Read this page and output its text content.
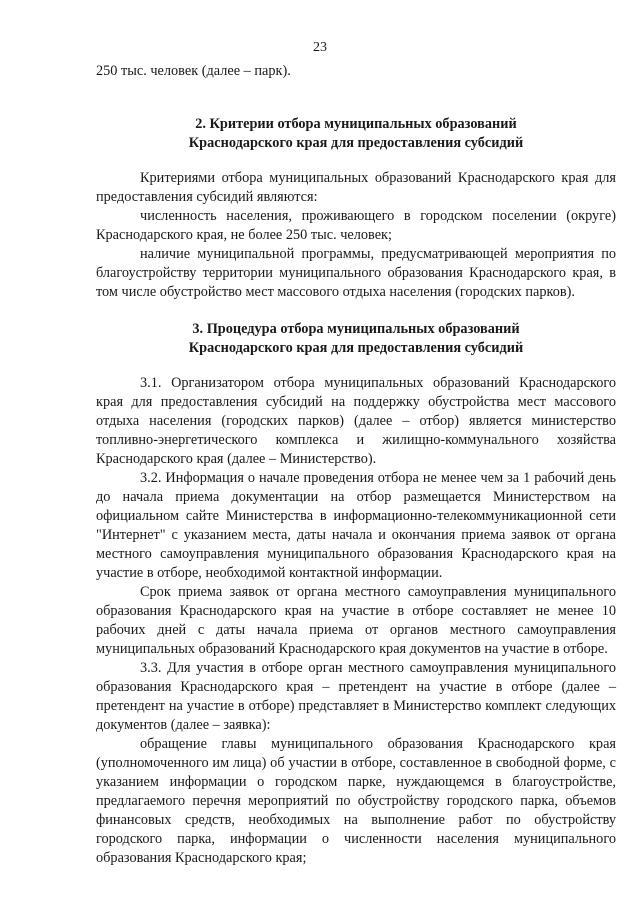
23

250 тыс. человек (далее – парк).

2. Критерии отбора муниципальных образований
Краснодарского края для предоставления субсидий

Критериями отбора муниципальных образований Краснодарского края для предоставления субсидий являются:

численность населения, проживающего в городском поселении (округе) Краснодарского края, не более 250 тыс. человек;

наличие муниципальной программы, предусматривающей мероприятия по благоустройству территории муниципального образования Краснодарского края, в том числе обустройство мест массового отдыха населения (городских парков).

3. Процедура отбора муниципальных образований
Краснодарского края для предоставления субсидий

3.1. Организатором отбора муниципальных образований Краснодарского края для предоставления субсидий на поддержку обустройства мест массового отдыха населения (городских парков) (далее – отбор) является министерство топливно-энергетического комплекса и жилищно-коммунального хозяйства Краснодарского края (далее – Министерство).

3.2. Информация о начале проведения отбора не менее чем за 1 рабочий день до начала приема документации на отбор размещается Министерством на официальном сайте Министерства в информационно-телекоммуникационной сети "Интернет" с указанием места, даты начала и окончания приема заявок от органа местного самоуправления муниципального образования Краснодарского края на участие в отборе, необходимой контактной информации.

Срок приема заявок от органа местного самоуправления муниципального образования Краснодарского края на участие в отборе составляет не менее 10 рабочих дней с даты начала приема от органов местного самоуправления муниципальных образований Краснодарского края документов на участие в отборе.

3.3. Для участия в отборе орган местного самоуправления муниципального образования Краснодарского края – претендент на участие в отборе (далее – претендент на участие в отборе) представляет в Министерство комплект следующих документов (далее – заявка):

обращение главы муниципального образования Краснодарского края (уполномоченного им лица) об участии в отборе, составленное в свободной форме, с указанием информации о городском парке, нуждающемся в благоустройстве, предлагаемого перечня мероприятий по обустройству городского парка, объемов финансовых средств, необходимых на выполнение работ по обустройству городского парка, информации о численности населения муниципального образования Краснодарского края;
